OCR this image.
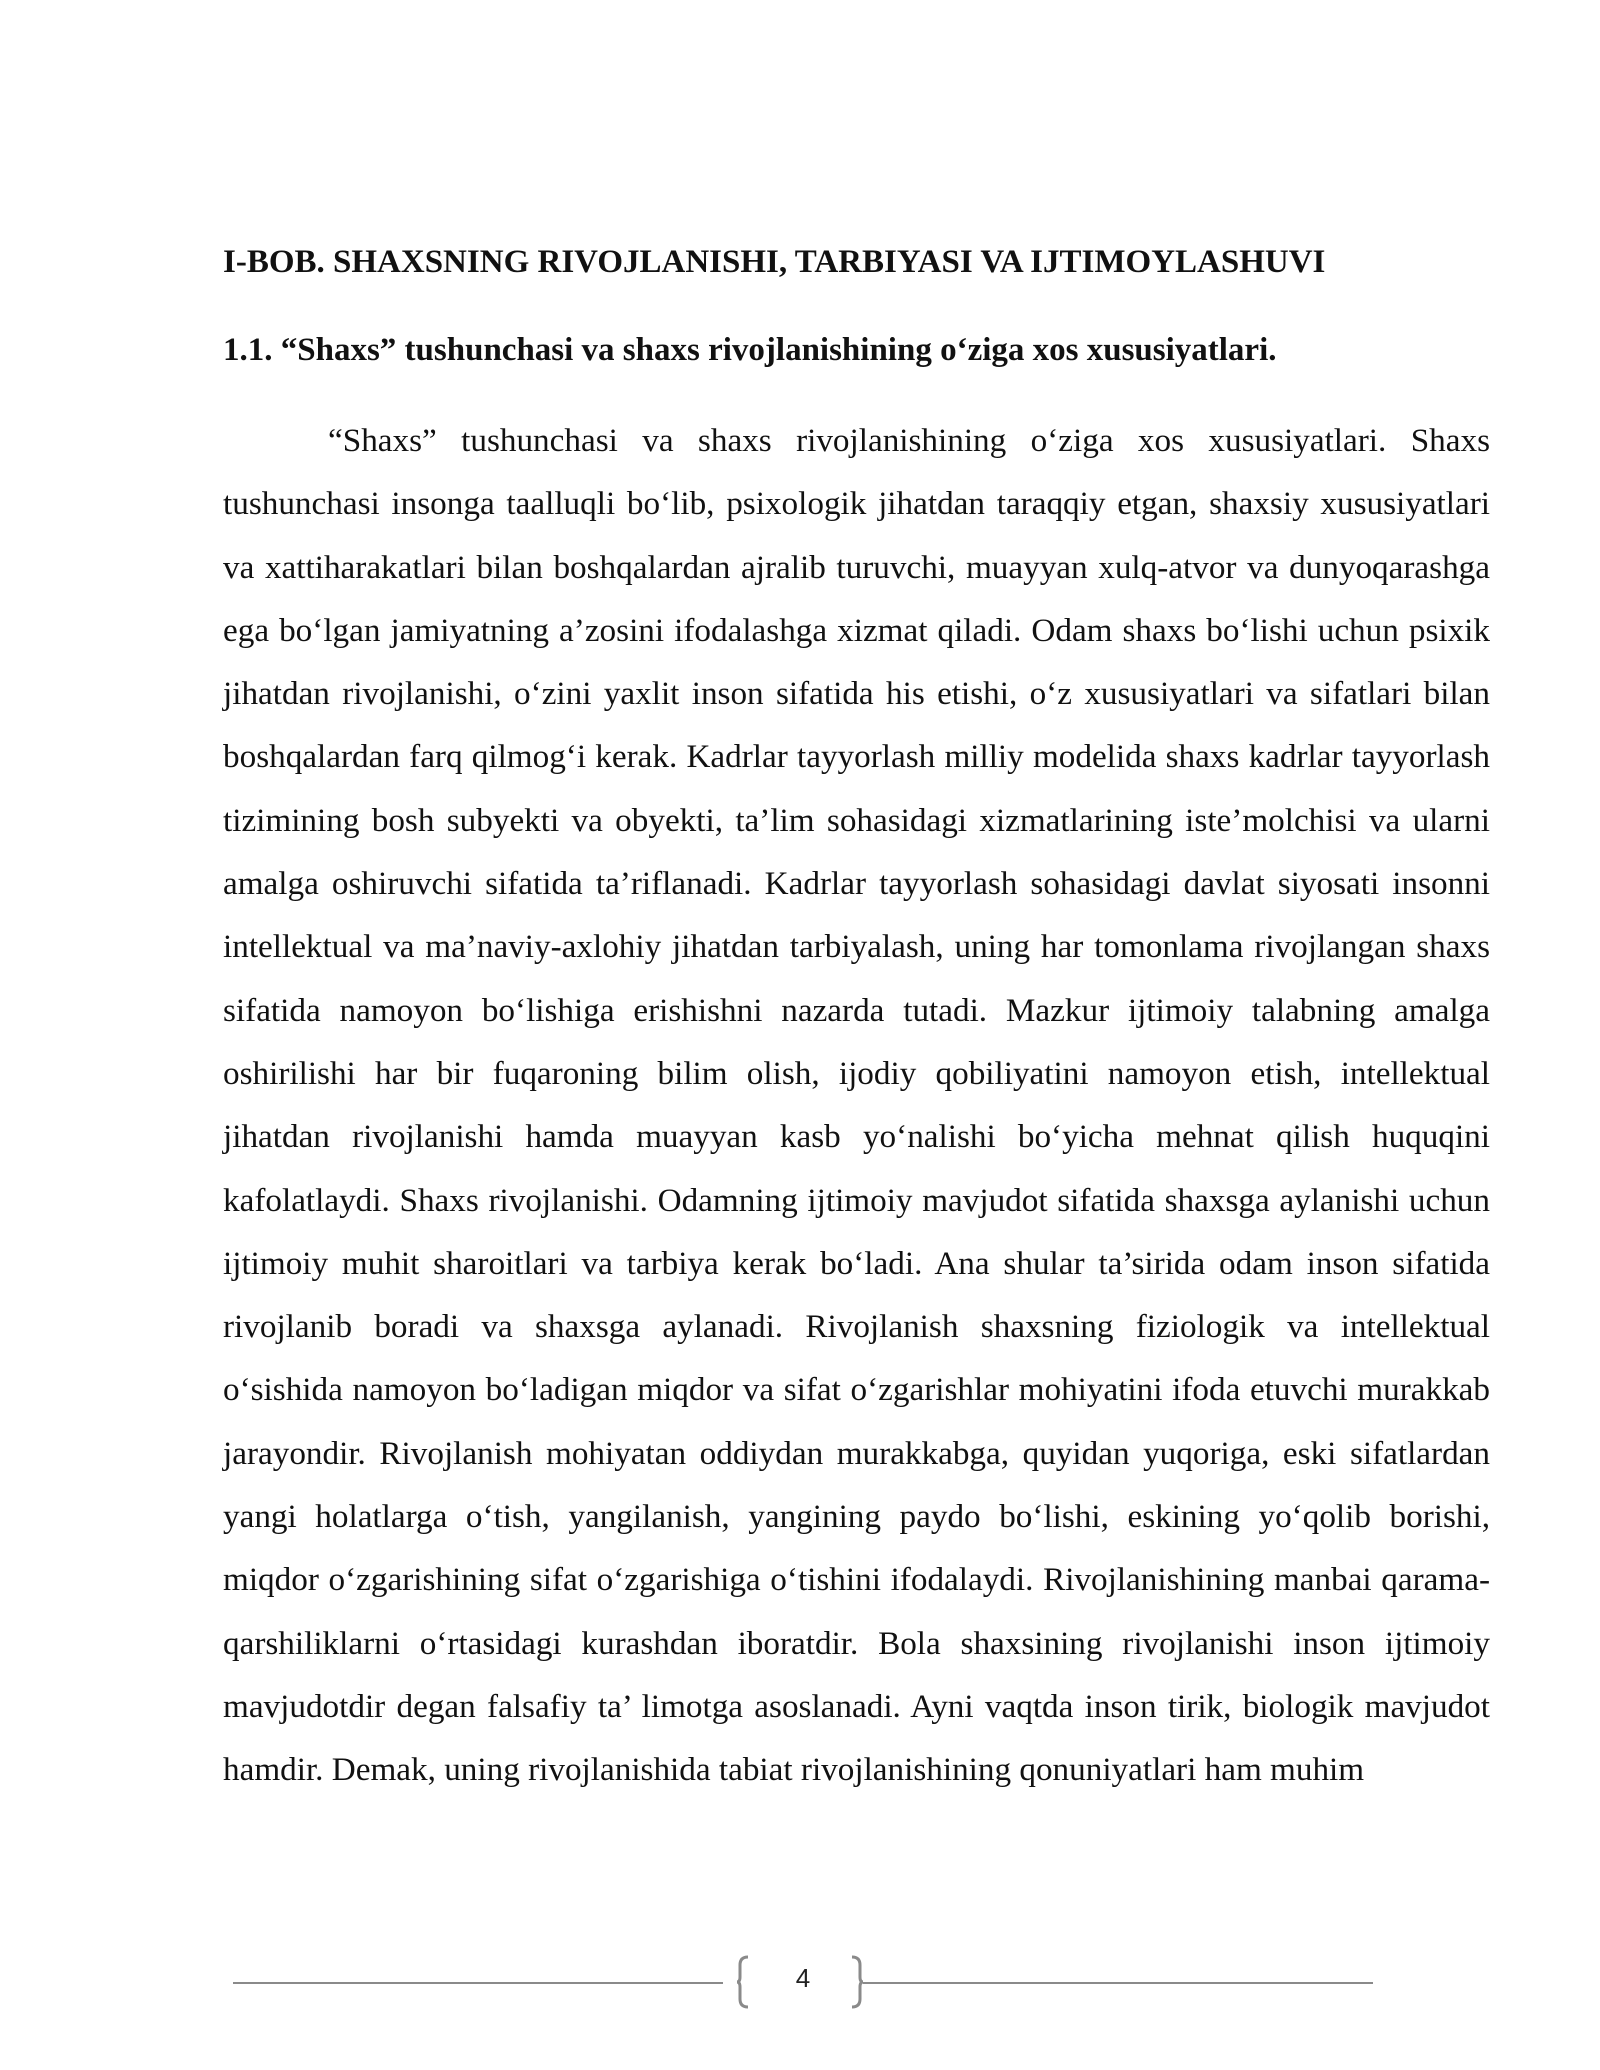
I-BOB. SHAXSNING RIVOJLANISHI, TARBIYASI VA IJTIMOYLASHUVI
1.1. “Shaxs” tushunchasi va shaxs rivojlanishining o‘ziga xos xususiyatlari.

“Shaxs” tushunchasi va shaxs rivojlanishining o‘ziga xos xususiyatlari. Shaxs tushunchasi insonga taalluqli bo‘lib, psixologik jihatdan taraqqiy etgan, shaxsiy xususiyatlari va xattiharakatlari bilan boshqalardan ajralib turuvchi, muayyan xulq-atvor va dunyoqarashga ega bo‘lgan jamiyatning a’zosini ifodalashga xizmat qiladi. Odam shaxs bo‘lishi uchun psixik jihatdan rivojlanishi, o‘zini yaxlit inson sifatida his etishi, o‘z xususiyatlari va sifatlari bilan boshqalardan farq qilmog‘i kerak. Kadrlar tayyorlash milliy modelida shaxs kadrlar tayyorlash tizimining bosh subyekti va obyekti, ta’lim sohasidagi xizmatlarining iste’molchisi va ularni amalga oshiruvchi sifatida ta’riflanadi. Kadrlar tayyorlash sohasidagi davlat siyosati insonni intellektual va ma’naviy-axlohiy jihatdan tarbiyalash, uning har tomonlama rivojlangan shaxs sifatida namoyon bo‘lishiga erishishni nazarda tutadi. Mazkur ijtimoiy talabning amalga oshirilishi har bir fuqaroning bilim olish, ijodiy qobiliyatini namoyon etish, intellektual jihatdan rivojlanishi hamda muayyan kasb yo‘nalishi bo‘yicha mehnat qilish huquqini kafolatlaydi. Shaxs rivojlanishi. Odamning ijtimoiy mavjudot sifatida shaxsga aylanishi uchun ijtimoiy muhit sharoitlari va tarbiya kerak bo‘ladi. Ana shular ta’sirida odam inson sifatida rivojlanib boradi va shaxsga aylanadi. Rivojlanish shaxsning fiziologik va intellektual o‘sishida namoyon bo‘ladigan miqdor va sifat o‘zgarishlar mohiyatini ifoda etuvchi murakkab jarayondir. Rivojlanish mohiyatan oddiydan murakkabga, quyidan yuqoriga, eski sifatlardan yangi holatlarga o‘tish, yangilanish, yangining paydo bo‘lishi, eskining yo‘qolib borishi, miqdor o‘zgarishining sifat o‘zgarishiga o‘tishini ifodalaydi. Rivojlanishining manbai qarama-qarshiliklarni o‘rtasidagi kurashdan iboratdir. Bola shaxsining rivojlanishi inson ijtimoiy mavjudotdir degan falsafiy ta’ limotga asoslanadi. Ayni vaqtda inson tirik, biologik mavjudot hamdir. Demak, uning rivojlanishida tabiat rivojlanishining qonuniyatlari ham muhim

4
